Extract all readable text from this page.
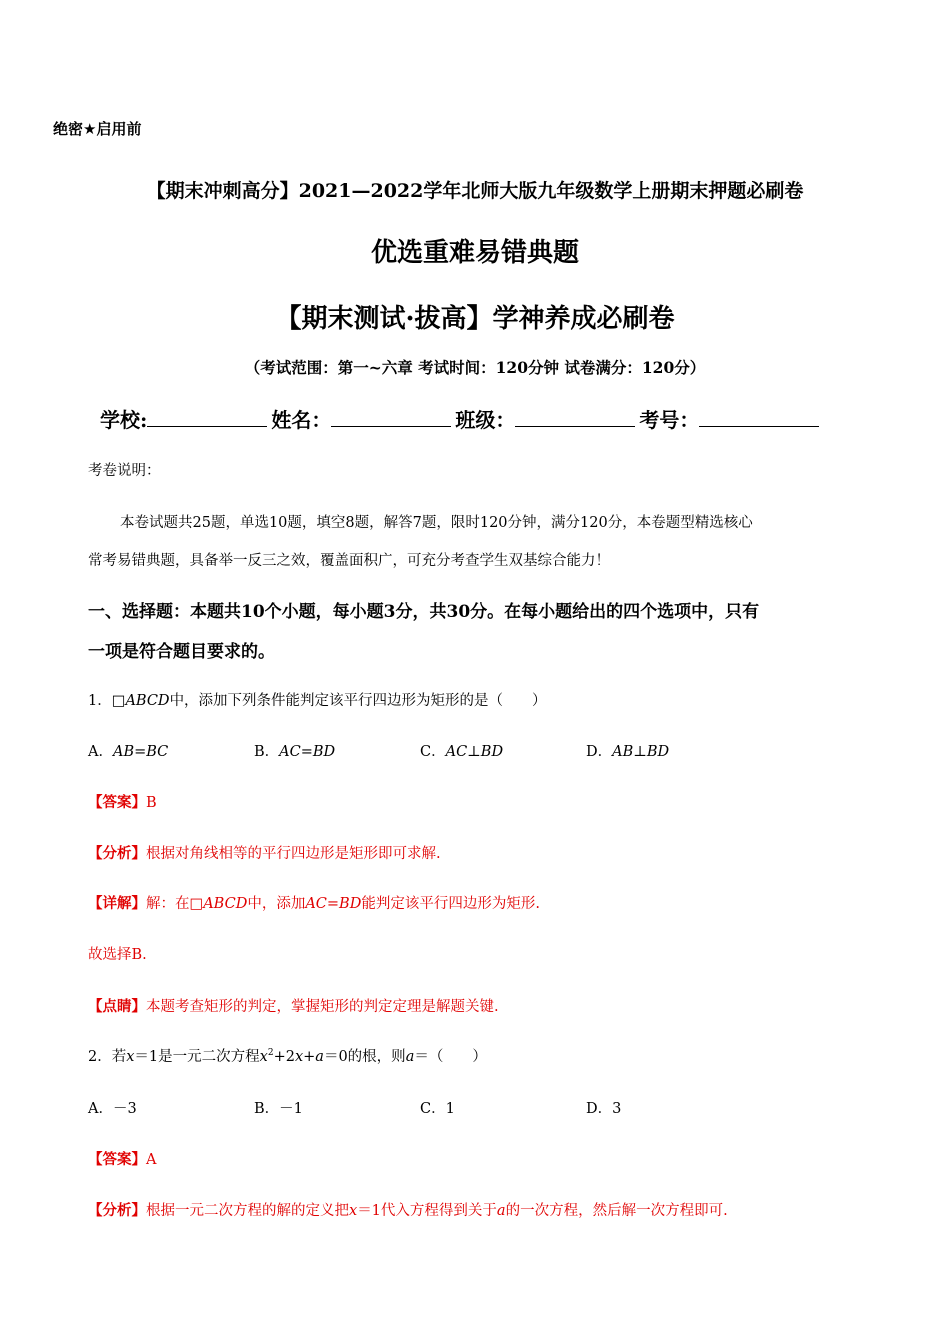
绝密★启用前
【期末冲刺高分】2021—2022学年北师大版九年级数学上册期末押题必刷卷
优选重难易错典题
【期末测试·拔高】学神养成必刷卷
（考试范围：第一~六章 考试时间：120分钟 试卷满分：120分）
学校:	姓名：	班级：	考号：
考卷说明：
本卷试题共25题，单选10题，填空8题，解答7题，限时120分钟，满分120分，本卷题型精选核心
常考易错典题，具备举一反三之效，覆盖面积广，可充分考查学生双基综合能力！
一、选择题：本题共10个小题，每小题3分，共30分。在每小题给出的四个选项中，只有
一项是符合题目要求的。
1．□ABCD中，添加下列条件能判定该平行四边形为矩形的是（　　）
A．AB=BC	B．AC=BD	C．AC⊥BD	D．AB⊥BD
【答案】B
【分析】根据对角线相等的平行四边形是矩形即可求解.
【详解】解：在□ABCD中，添加AC=BD能判定该平行四边形为矩形.
故选择B.
【点睛】本题考查矩形的判定，掌握矩形的判定定理是解题关键.
2．若x＝1是一元二次方程$x^2+2x+a=0$的根，则a＝（　　）
A．－3	B．－1	C．1	D．3
【答案】A
【分析】根据一元二次方程的解的定义把x＝1代入方程得到关于a的一次方程，然后解一次方程即可.
